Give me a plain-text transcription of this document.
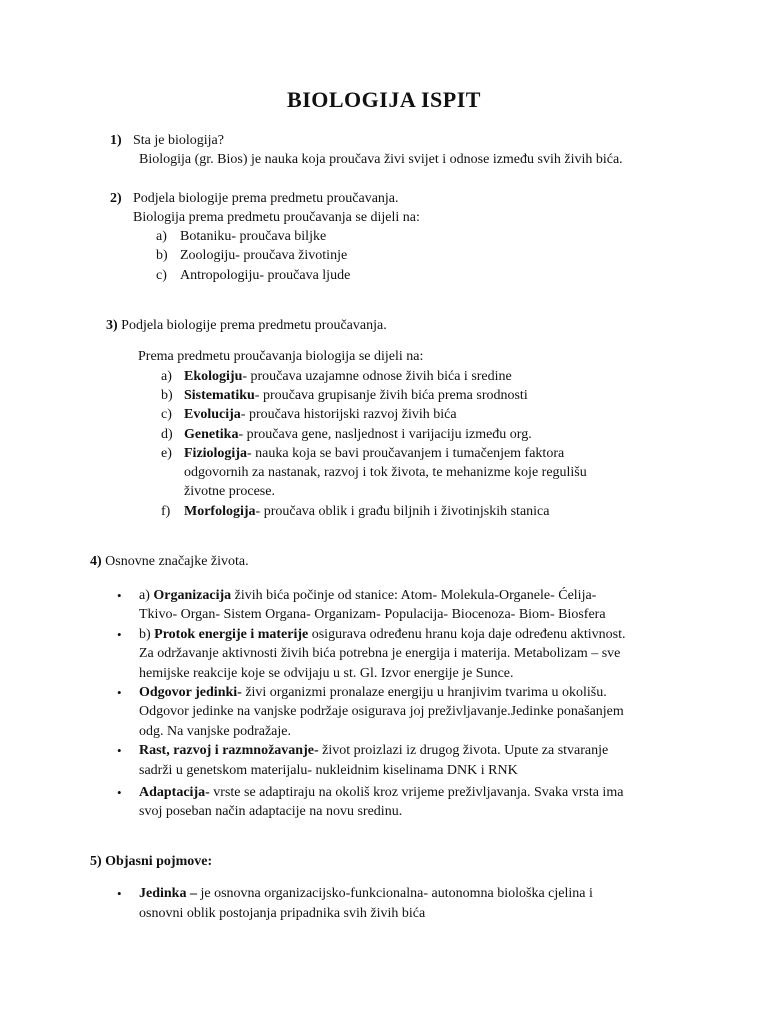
BIOLOGIJA ISPIT
1) Sta je biologija?
Biologija (gr. Bios) je nauka koja proučava živi svijet i odnose između svih živih bića.
2) Podjela biologije prema predmetu proučavanja.
Biologija prema predmetu proučavanja se dijeli na:
a) Botaniku- proučava biljke
b) Zoologiju- proučava životinje
c) Antropologiju- proučava ljude
3) Podjela biologije prema predmetu proučavanja.
Prema predmetu proučavanja biologija se dijeli na:
a) Ekologiju- proučava uzajamne odnose živih bića i sredine
b) Sistematiku- proučava grupisanje živih bića prema srodnosti
c) Evolucija- proučava historijski razvoj živih bića
d) Genetika- proučava gene, nasljednost i varijaciju između org.
e) Fiziologija- nauka koja se bavi proučavanjem i tumačenjem faktora
odgovornih za nastanak, razvoj i tok života, te mehanizme koje regulišu
životne procese.
f) Morfologija- proučava oblik i građu biljnih i životinjskih stanica
4) Osnovne značajke života.
• a) Organizacija živih bića počinje od stanice: Atom- Molekula-Organele- Ćelija-
Tkivo- Organ- Sistem Organa- Organizam- Populacija- Biocenoza- Biom- Biosfera
• b) Protok energije i materije osigurava određenu hranu koja daje određenu aktivnost.
Za održavanje aktivnosti živih bića potrebna je energija i materija. Metabolizam – sve
hemijske reakcije koje se odvijaju u st. Gl. Izvor energije je Sunce.
• Odgovor jedinki- živi organizmi pronalaze energiju u hranjivim tvarima u okolišu.
Odgovor jedinke na vanjske podržaje osigurava joj preživljavanje.Jedinke ponašanjem
odg. Na vanjske podražaje.
• Rast, razvoj i razmnožavanje- život proizlazi iz drugog života. Upute za stvaranje
sadrži u genetskom materijalu- nukleidnim kiselinama DNK i RNK
• Adaptacija- vrste se adaptiraju na okoliš kroz vrijeme preživljavanja. Svaka vrsta ima
svoj poseban način adaptacije na novu sredinu.
5) Objasni pojmove:
• Jedinka – je osnovna organizacijsko-funkcionalna- autonomna biološka cjelina i
osnovni oblik postojanja pripadnika svih živih bića
